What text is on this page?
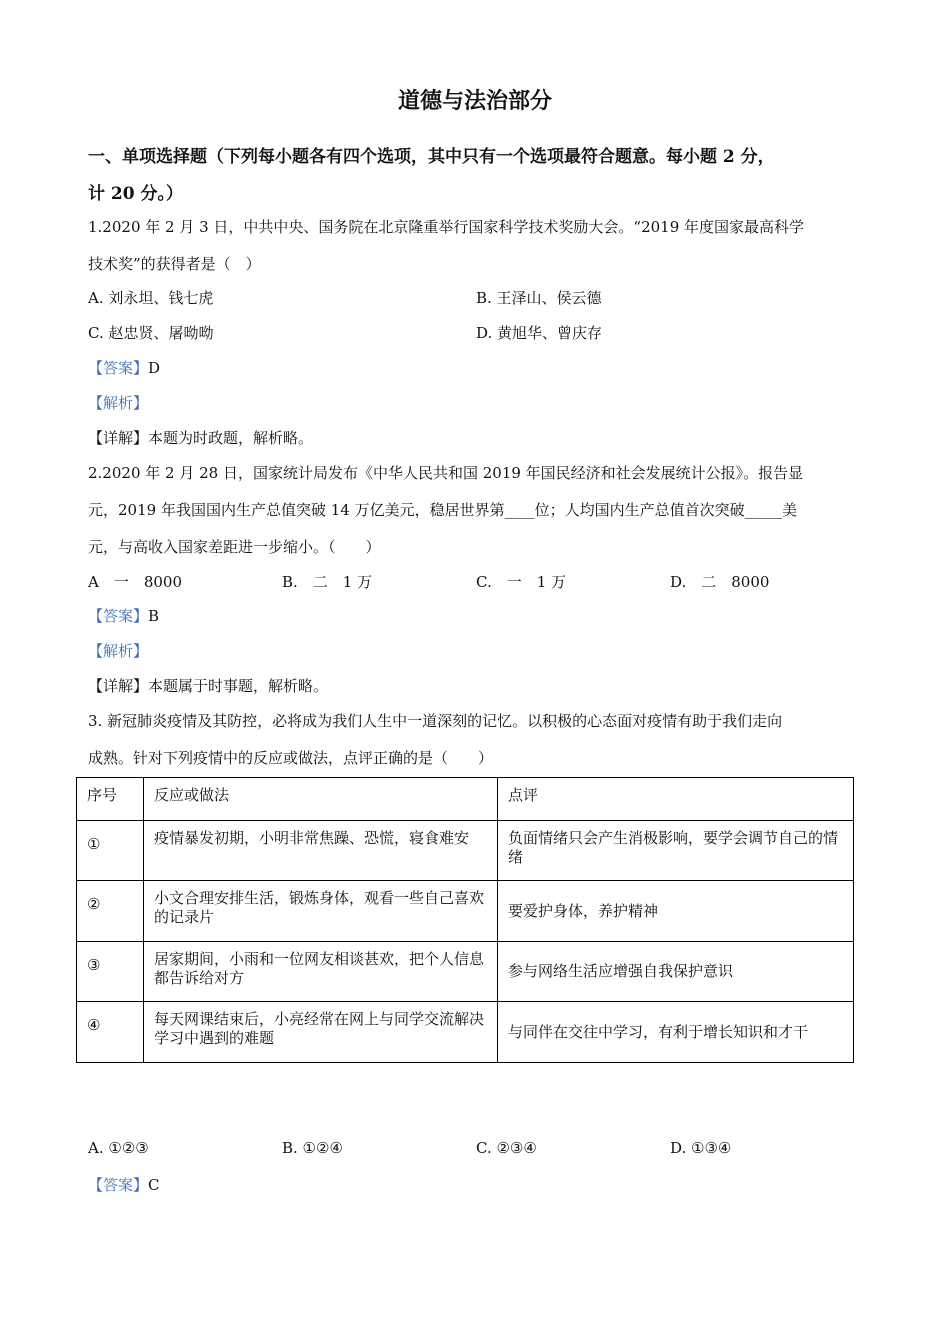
道德与法治部分
一、单项选择题（下列每小题各有四个选项，其中只有一个选项最符合题意。每小题 2 分，
计 20 分。）
1.2020 年 2 月 3 日，中共中央、国务院在北京隆重举行国家科学技术奖励大会。“2019 年度国家最高科学
技术奖”的获得者是（　）
A. 刘永坦、钱七虎	B. 王泽山、侯云德
C. 赵忠贤、屠呦呦	D. 黄旭华、曾庆存
【答案】D
【解析】
【详解】本题为时政题，解析略。
2.2020 年 2 月 28 日，国家统计局发布《中华人民共和国 2019 年国民经济和社会发展统计公报》。报告显
元，2019 年我国国内生产总值突破 14 万亿美元，稳居世界第____位；人均国内生产总值首次突破_____美
元，与高收入国家差距进一步缩小。（　　）
A　一　8000	B.　二　1 万	C.　一　1 万	D.　二　8000
【答案】B
【解析】
【详解】本题属于时事题，解析略。
3. 新冠肺炎疫情及其防控，必将成为我们人生中一道深刻的记忆。以积极的心态面对疫情有助于我们走向
成熟。针对下列疫情中的反应或做法，点评正确的是（　　）
序号	反应或做法	点评
①	疫情暴发初期，小明非常焦躁、恐慌，寝食难安	负面情绪只会产生消极影响，要学会调节自己的情绪
②	小文合理安排生活，锻炼身体，观看一些自己喜欢的记录片	要爱护身体，养护精神
③	居家期间，小雨和一位网友相谈甚欢，把个人信息都告诉给对方	参与网络生活应增强自我保护意识
④	每天网课结束后，小亮经常在网上与同学交流解决学习中遇到的难题	与同伴在交往中学习，有利于增长知识和才干
A. ①②③	B. ①②④	C. ②③④	D. ①③④
【答案】C
